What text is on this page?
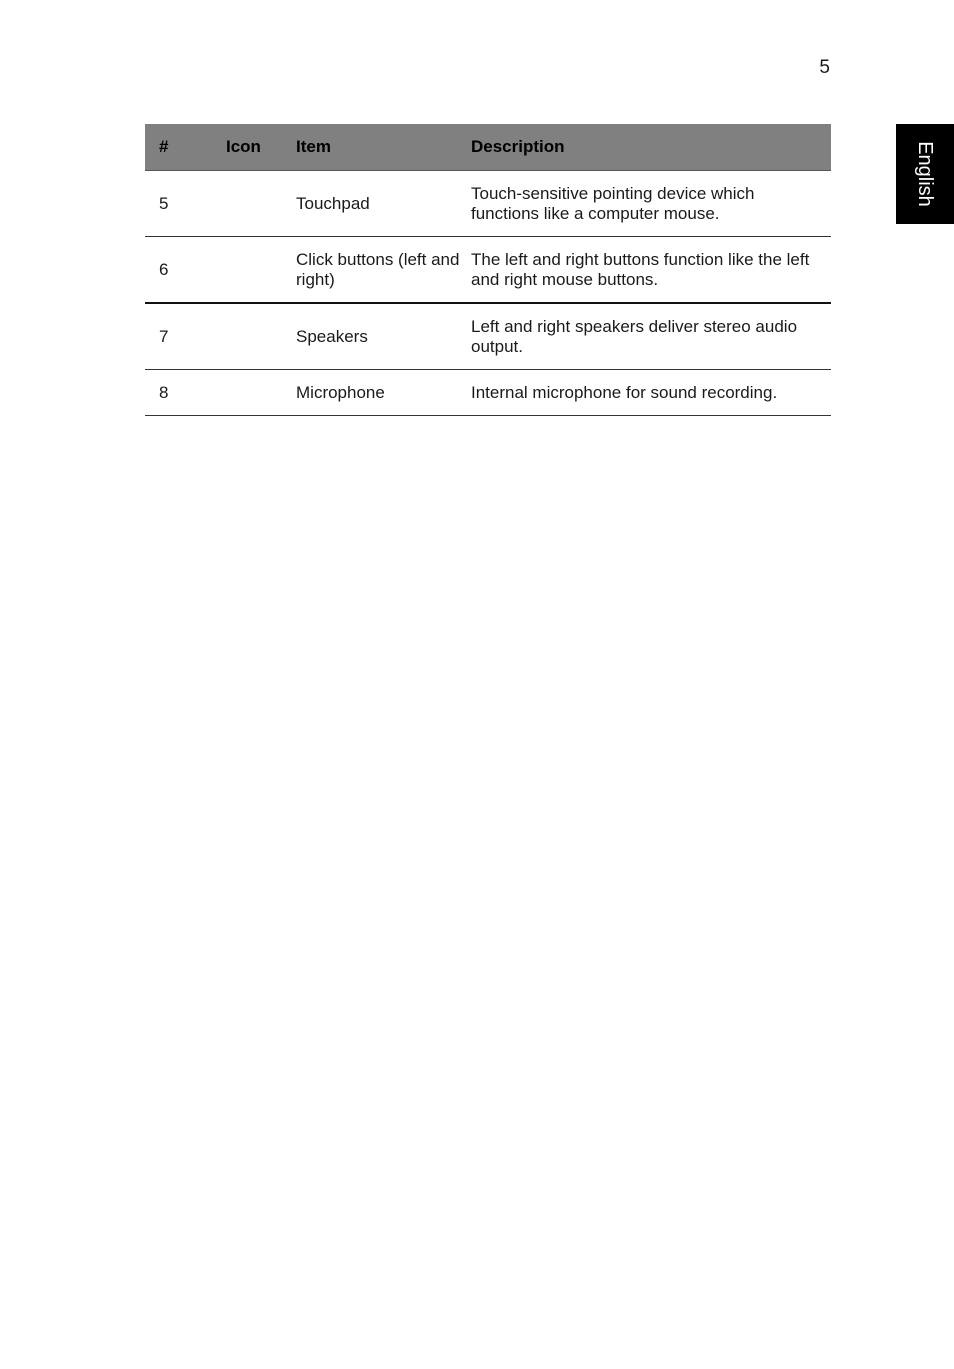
5
English
#	Icon	Item	Description
5		Touchpad	Touch-sensitive pointing device which functions like a computer mouse.
6		Click buttons (left and right)	The left and right buttons function like the left and right mouse buttons.
7		Speakers	Left and right speakers deliver stereo audio output.
8		Microphone	Internal microphone for sound recording.
